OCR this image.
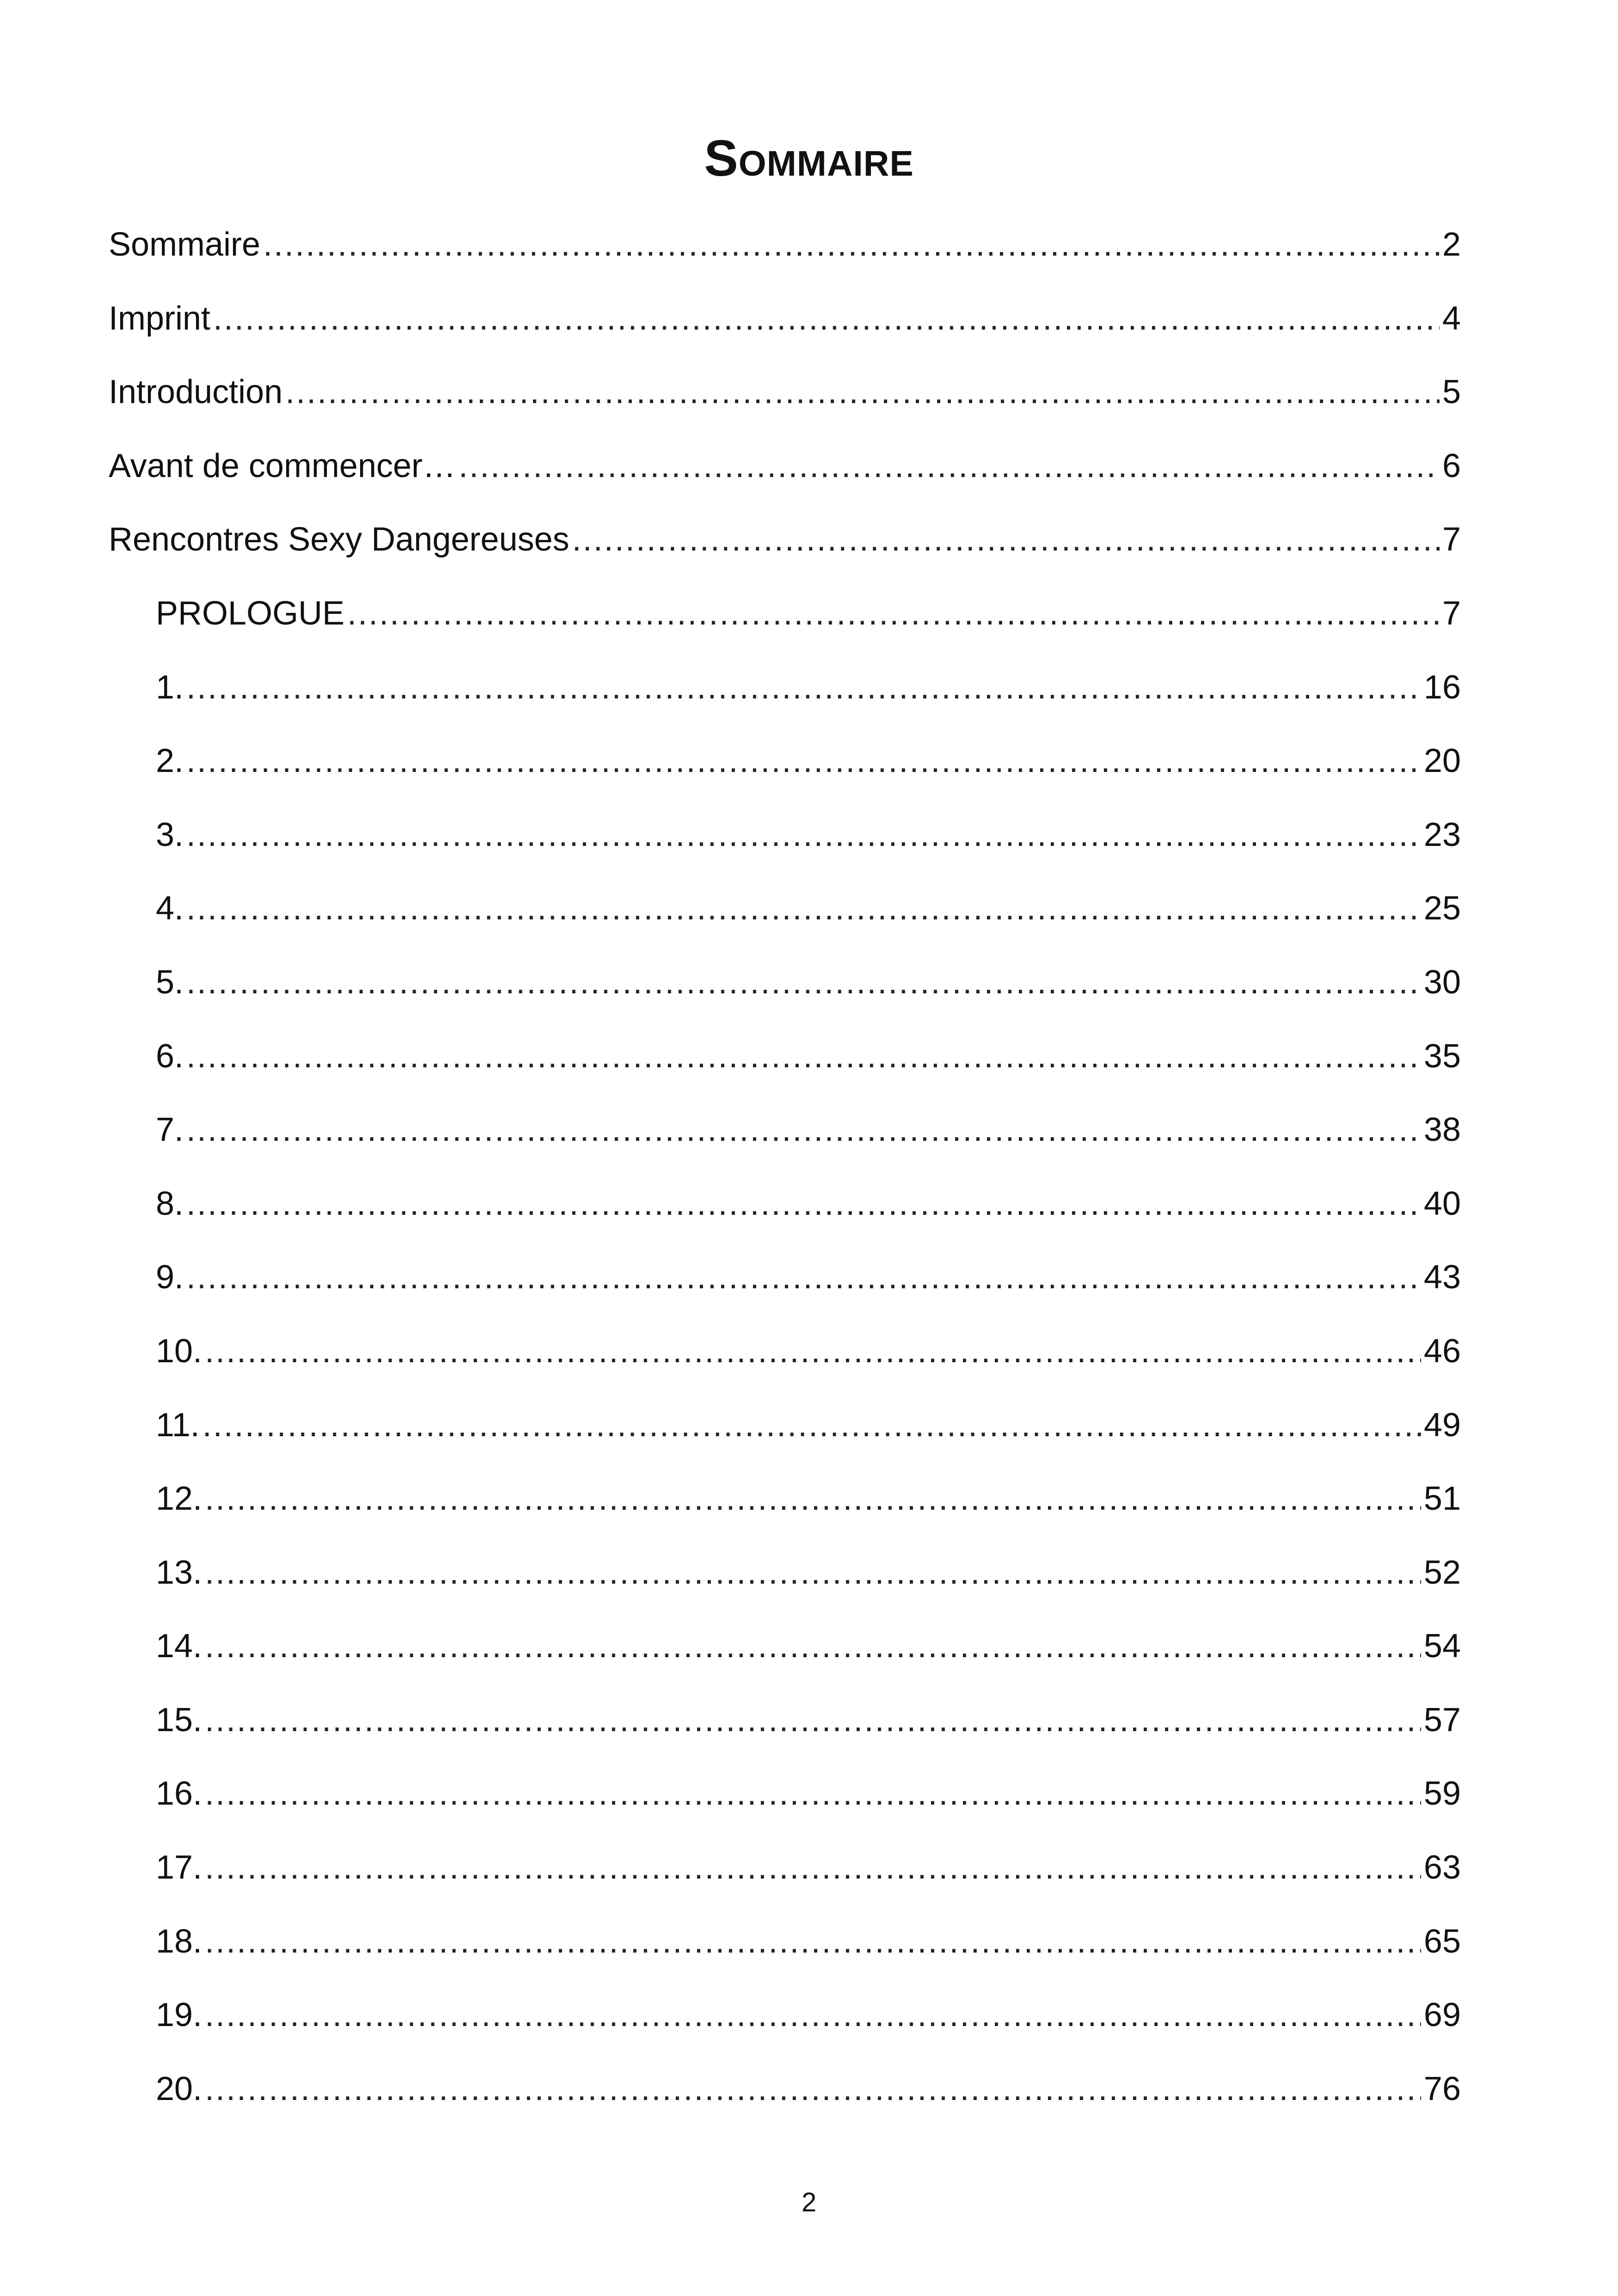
Sommaire
Sommaire .....	2
Imprint .....	4
Introduction .....	5
Avant de commencer… .....	6
Rencontres Sexy Dangereuses .....	7
PROLOGUE .....	7
1. .....	16
2. .....	20
3. .....	23
4. .....	25
5. .....	30
6. .....	35
7. .....	38
8. .....	40
9. .....	43
10. .....	46
11. .....	49
12. .....	51
13. .....	52
14. .....	54
15. .....	57
16. .....	59
17. .....	63
18. .....	65
19. .....	69
20. .....	76
2
